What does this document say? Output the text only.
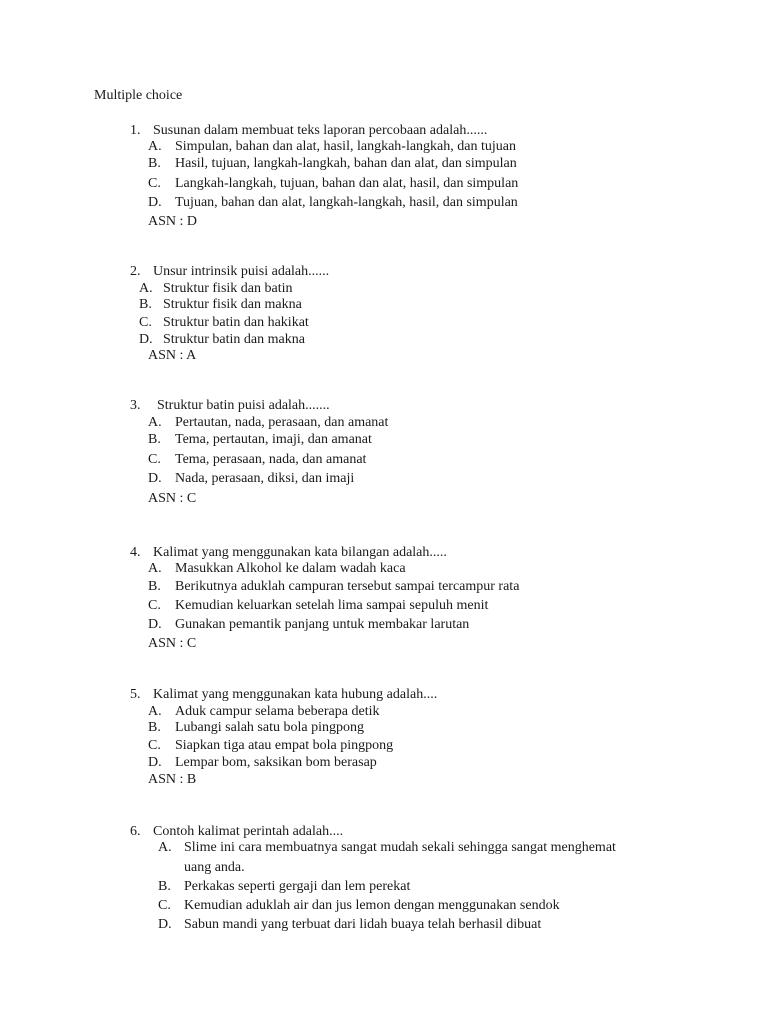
Multiple choice
1. Susunan dalam membuat teks laporan percobaan adalah......
A. Simpulan, bahan dan alat, hasil, langkah-langkah, dan tujuan
B. Hasil, tujuan, langkah-langkah, bahan dan alat, dan simpulan
C. Langkah-langkah, tujuan, bahan dan alat, hasil, dan simpulan
D. Tujuan, bahan dan alat, langkah-langkah, hasil, dan simpulan
ASN : D
2. Unsur intrinsik puisi adalah......
A. Struktur fisik dan batin
B. Struktur fisik dan makna
C. Struktur batin dan hakikat
D. Struktur batin dan makna
ASN : A
3. Struktur batin puisi adalah.......
A. Pertautan, nada, perasaan, dan amanat
B. Tema, pertautan, imaji, dan amanat
C. Tema, perasaan, nada, dan amanat
D. Nada, perasaan, diksi, dan imaji
ASN : C
4. Kalimat yang menggunakan kata bilangan adalah.....
A. Masukkan Alkohol ke dalam wadah kaca
B. Berikutnya aduklah campuran tersebut sampai tercampur rata
C. Kemudian keluarkan setelah lima sampai sepuluh menit
D. Gunakan pemantik panjang untuk membakar larutan
ASN : C
5. Kalimat yang menggunakan kata hubung adalah....
A. Aduk campur selama beberapa detik
B. Lubangi salah satu bola pingpong
C. Siapkan tiga atau empat bola pingpong
D. Lempar bom, saksikan bom berasap
ASN : B
6. Contoh kalimat perintah adalah....
A. Slime ini cara membuatnya sangat mudah sekali sehingga sangat menghemat
uang anda.
B. Perkakas seperti gergaji dan lem perekat
C. Kemudian aduklah air dan jus lemon dengan menggunakan sendok
D. Sabun mandi yang terbuat dari lidah buaya telah berhasil dibuat
